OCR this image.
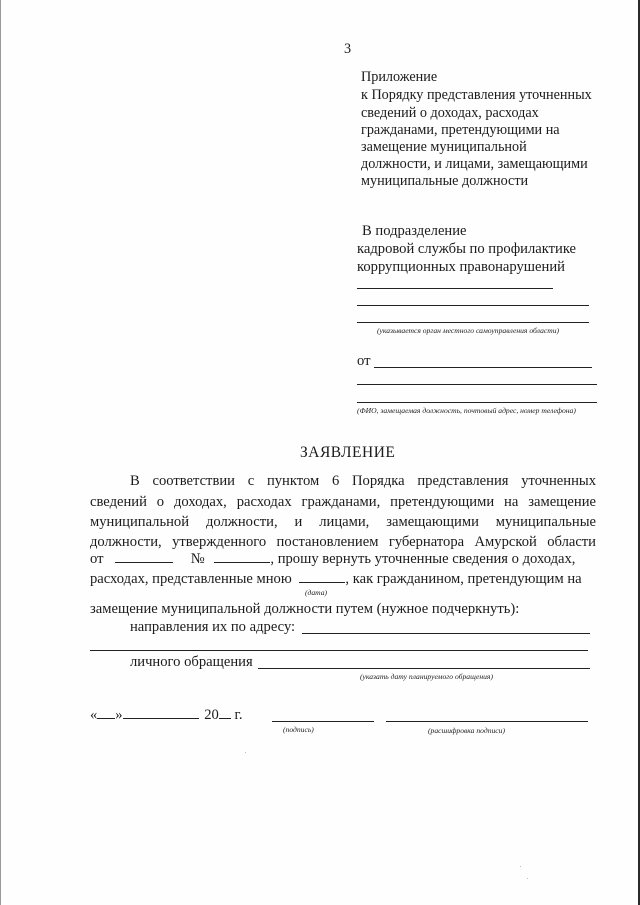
3
Приложение
к Порядку представления уточненных
сведений о доходах, расходах
гражданами, претендующими на
замещение муниципальной
должности, и лицами, замещающими
муниципальные должности
В подразделение
кадровой службы по профилактике
коррупционных правонарушений
(указывается орган местного самоуправления области)
от
(ФИО, замещаемая должность, почтовый адрес, номер телефона)
ЗАЯВЛЕНИЕ
В соответствии с пунктом 6 Порядка представления уточненных
сведений о доходах, расходах гражданами, претендующими на замещение
муниципальной должности, и лицами, замещающими муниципальные
должности, утвержденного постановлением губернатора Амурской области
от	№	, прошу вернуть уточненные сведения о доходах,
расходах, представленные мною	, как гражданином, претендующим на
(дата)
замещение муниципальной должности путем (нужное подчеркнуть):
направления их по адресу:
личного обращения
(указать дату планируемого обращения)
« »	20 г.
(подпись)	(расшифровка подписи)
